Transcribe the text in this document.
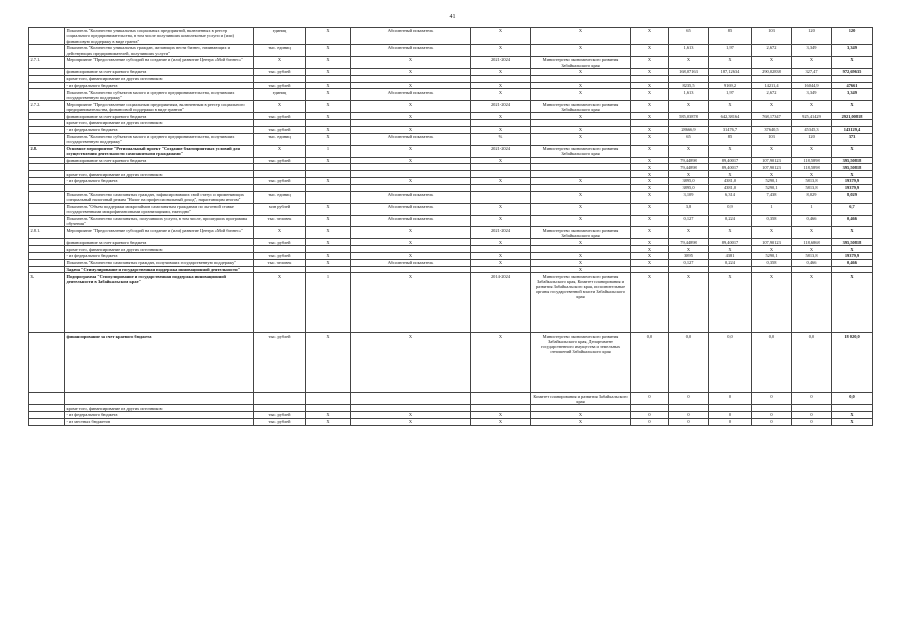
41
	Показатель "Количество уникальных социальных предприятий, включенных в реестр социального предпринимательства, в том числе получивших комплексные услуги и (или) финансовую поддержку в виде гранта"	единиц	X	Абсолютный показатель	X	X	X	65	85	103	120	120
	Показатель "Количество уникальных граждан, желающих вести бизнес, начинающих и действующих предпринимателей, получивших услуги"	тыс. единиц	X	Абсолютный показатель	X	X	X	1,613	1,97	2,672	3,349	3,349
2.7.1.	Мероприятие "Предоставление субсидий на создание и (или) развитие Центра «Мой бизнес»"	X	X	X	2021-2024	Министерство экономического развития Забайкальского края	X	X	X	X	X	X
	финансирование за счет краевого бюджета	тыс. рублей	X	X	X	X	X	168,07163	187,12634	290,02838	327,47	972,69635
	кроме того, финансирование из других источников:											
	- из федерального бюджета	тыс. рублей	X	X	X	X	X	8235,5	9169,2	14211,4	16044,9	47661
	Показатель "Количество субъектов малого и среднего предпринимательства, получивших государственную поддержку"	единиц	X	Абсолютный показатель	X	X	X	1,613	1,97	2,672	3,349	3,349
2.7.2.	Мероприятие "Предоставление социальным предприятиям, включенным в реестр социального предпринимательства, финансовой поддержки в виде грантов"	X	X	X	2021-2024	Министерство экономического развития Забайкальского края	X	X	X	X	X	X
	финансирование за счет краевого бюджета	тыс. рублей	X	X	X	X	X	585,03878	642,38164	768,17347	925,41429	2921,00818
	кроме того, финансирование из других источников:											
	- из федерального бюджета	тыс. рублей	X	X	X	X	X	28666,9	31476,7	37640,5	45345,3	143129,4
	Показатель "Количество субъектов малого и среднего предпринимательства, получивших государственную поддержку"	тыс. единиц	X	Абсолютный показатель	%	X	X	65	85	103	120	373
2.8.	Основное мероприятие "Региональный проект "Создание благоприятных условий для осуществления деятельности самозанятыми гражданами"	X	1	X	2021-2024	Министерство экономического развития Забайкальского края	X	X	X	X	X	X
	финансирование за счет краевого бюджета	тыс. рублей	X	X	X		X	79,44898	89,40017	107,90123	118,5898	395,50818
							X	79,44898	89,40017	107,90123	118,5898	395,50818
	кроме того, финансирование из других источников:						X	X	X	X	X	X
	- из федерального бюджета	тыс. рублей	X	X	X	X	X	3895,0	4381,0	5290,1	5813,8	19379,9
							X	3895,0	4381,0	5290,1	5813,8	19379,9
	Показатель "Количество самозанятых граждан, зафиксировавших свой статус и применяющих специальный налоговый режим "Налог на профессиональный доход", нарастающим итогом"	тыс. единиц		Абсолютный показатель		X	X	3,109	6,314	7,438	8,029	8,029
	Показатель "Объем поддержки микрозаймов самозанятым гражданам по льготной ставке государственными микрофинансовыми организациями, ежегодно"	млн рублей	X	Абсолютный показатель	X	X	X	3,8	0,9	1	1	6,7
	Показатель "Количество самозанятых, получивших услуги, в том числе, прошедших программы обучения"	тыс. человек	X	Абсолютный показатель	X	X	X	0,127	0,224	0,358	0,466	0,466
2.8.1.	Мероприятие "Предоставление субсидий на создание и (или) развитие Центра «Мой бизнес»"	X	X	X	2021-2024	Министерство экономического развития Забайкальского края	X	X	X	X	X	X
	финансирование за счет краевого бюджета	тыс. рублей	X	X	X	X	X	79,44898	89,40017	107,90123	118,6868	395,50818
	кроме того, финансирование из других источников:						X	X	X	X	X	X
	- из федерального бюджета	тыс. рублей	X	X	X	X	X	3895	4381	5290,1	5813,8	19379,9
	Показатель "Количество самозанятых граждан, получивших государственную поддержку"	тыс. человек	X	Абсолютный показатель	X	X	X	0,127	0,224	0,358	0,466	0,466
	Задача "Стимулирование и государственная поддержка инновационной деятельности"					X						
3.	Подпрограмма "Стимулирование и государственная поддержка инновационной деятельности в Забайкальском крае"	X	1	X	2014-2024	Министерство экономического развития Забайкальского края, Комитет планирования и развития Забайкальского края, исполнительные органы государственной власти Забайкальского края	X	X	X	X	X	X
	финансирование за счет краевого бюджета	тыс. рублей	X	X	X	Министерство экономического развития Забайкальского края, Департамент государственного имущества и земельных отношений Забайкальского края	0,0	0,0	0,0	0,0	0,0	18 020,0
						Комитет планирования и развития Забайкальского края	0	0	0	0	0	0,0
	кроме того, финансирование из других источников:											
	- из федерального бюджета	тыс. рублей	X	X	X	X	0	0	0	0	0	X
	- из местных бюджетов	тыс. рублей	X	X	X	X	0	0	0	0	0	X
